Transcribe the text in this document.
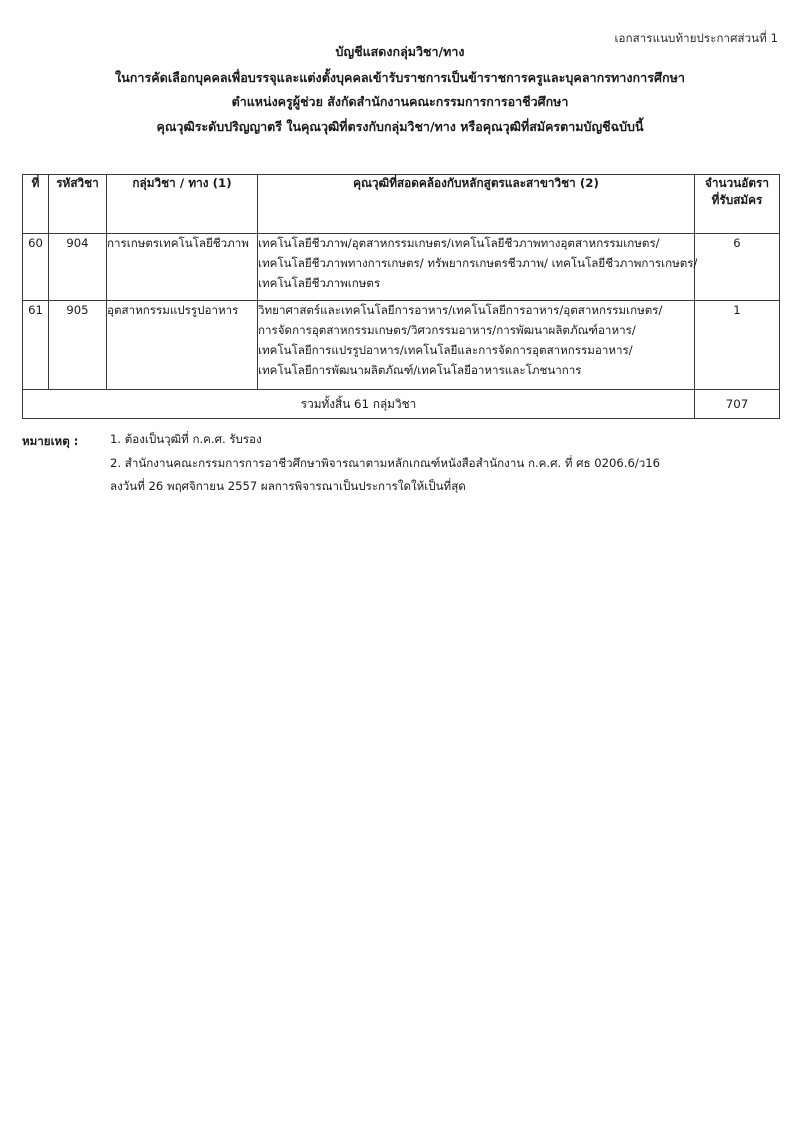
เอกสารแนบท้ายประกาศส่วนที่ 1
บัญชีแสดงกลุ่มวิชา/ทาง
ในการคัดเลือกบุคคลเพื่อบรรจุและแต่งตั้งบุคคลเข้ารับราชการเป็นข้าราชการครูและบุคลากรทางการศึกษา
ตำแหน่งครูผู้ช่วย สังกัดสำนักงานคณะกรรมการการอาชีวศึกษา
คุณวุฒิระดับปริญญาตรี ในคุณวุฒิที่ตรงกับกลุ่มวิชา/ทาง หรือคุณวุฒิที่สมัครตามบัญชีฉบับนี้
ที่	รหัสวิชา	กลุ่มวิชา / ทาง (1)	คุณวุฒิที่สอดคล้องกับหลักสูตรและสาขาวิชา (2)	จำนวนอัตรา
ที่รับสมัคร

60	904	การเกษตรเทคโนโลยีชีวภาพ	เทคโนโลยีชีวภาพ/อุตสาหกรรมเกษตร/เทคโนโลยีชีวภาพทางอุตสาหกรรมเกษตร/
เทคโนโลยีชีวภาพทางการเกษตร/ ทรัพยากรเกษตรชีวภาพ/ เทคโนโลยีชีวภาพการเกษตร/
เทคโนโลยีชีวภาพเกษตร	6
61	905	อุตสาหกรรมแปรรูปอาหาร	วิทยาศาสตร์และเทคโนโลยีการอาหาร/เทคโนโลยีการอาหาร/อุตสาหกรรมเกษตร/
การจัดการอุตสาหกรรมเกษตร/วิศวกรรมอาหาร/การพัฒนาผลิตภัณฑ์อาหาร/
เทคโนโลยีการแปรรูปอาหาร/เทคโนโลยีและการจัดการอุตสาหกรรมอาหาร/
เทคโนโลยีการพัฒนาผลิตภัณฑ์/เทคโนโลยีอาหารและโภชนาการ	1
รวมทั้งสิ้น 61 กลุ่มวิชา				707
หมายเหตุ :	1. ต้องเป็นวุฒิที่ ก.ค.ศ. รับรอง
2. สำนักงานคณะกรรมการการอาชีวศึกษาพิจารณาตามหลักเกณฑ์หนังสือสำนักงาน ก.ค.ศ. ที่ ศธ 0206.6/ว16
ลงวันที่ 26 พฤศจิกายน 2557 ผลการพิจารณาเป็นประการใดให้เป็นที่สุด
